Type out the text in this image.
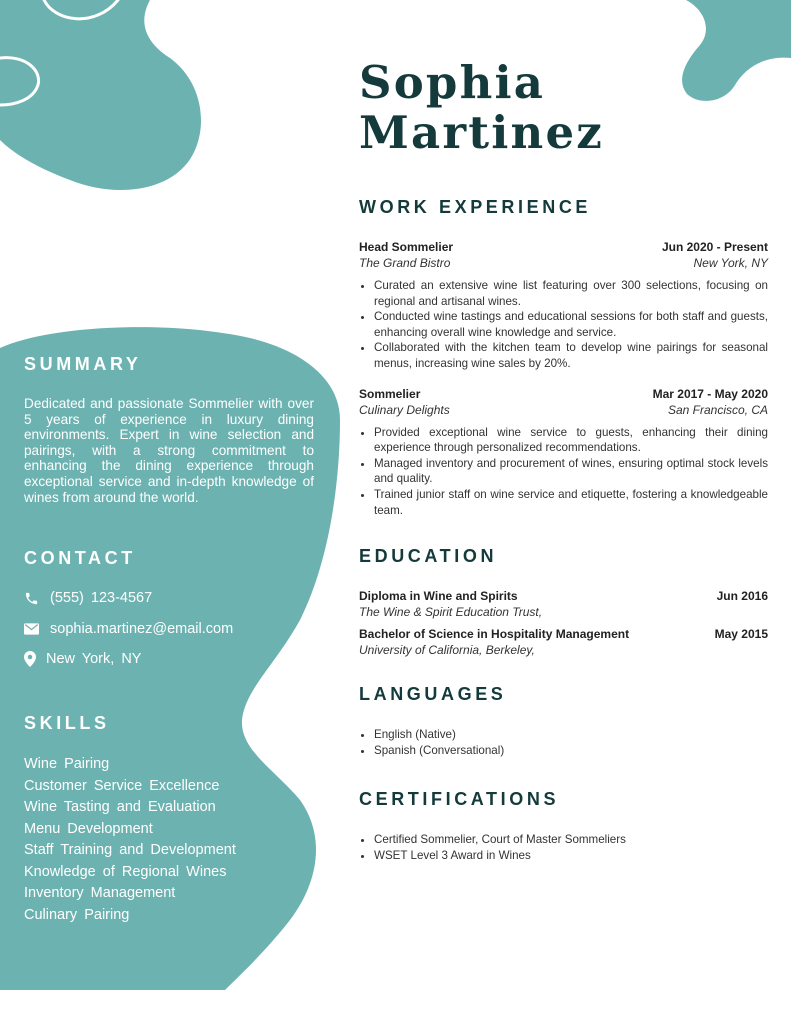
Sophia
Martinez
SUMMARY
Dedicated and passionate Sommelier with over 5 years of experience in luxury dining environments. Expert in wine selection and pairings, with a strong commitment to enhancing the dining experience through exceptional service and in-depth knowledge of wines from around the world.
CONTACT
(555) 123-4567
sophia.martinez@email.com
New York, NY
SKILLS
Wine Pairing
Customer Service Excellence
Wine Tasting and Evaluation
Menu Development
Staff Training and Development
Knowledge of Regional Wines
Inventory Management
Culinary Pairing
WORK EXPERIENCE
Head Sommelier	Jun 2020 - Present
The Grand Bistro	New York, NY
• Curated an extensive wine list featuring over 300 selections, focusing on regional and artisanal wines.
• Conducted wine tastings and educational sessions for both staff and guests, enhancing overall wine knowledge and service.
• Collaborated with the kitchen team to develop wine pairings for seasonal menus, increasing wine sales by 20%.
Sommelier	Mar 2017 - May 2020
Culinary Delights	San Francisco, CA
• Provided exceptional wine service to guests, enhancing their dining experience through personalized recommendations.
• Managed inventory and procurement of wines, ensuring optimal stock levels and quality.
• Trained junior staff on wine service and etiquette, fostering a knowledgeable team.
EDUCATION
Diploma in Wine and Spirits	Jun 2016
The Wine & Spirit Education Trust,
Bachelor of Science in Hospitality Management	May 2015
University of California, Berkeley,
LANGUAGES
• English (Native)
• Spanish (Conversational)
CERTIFICATIONS
• Certified Sommelier, Court of Master Sommeliers
• WSET Level 3 Award in Wines
